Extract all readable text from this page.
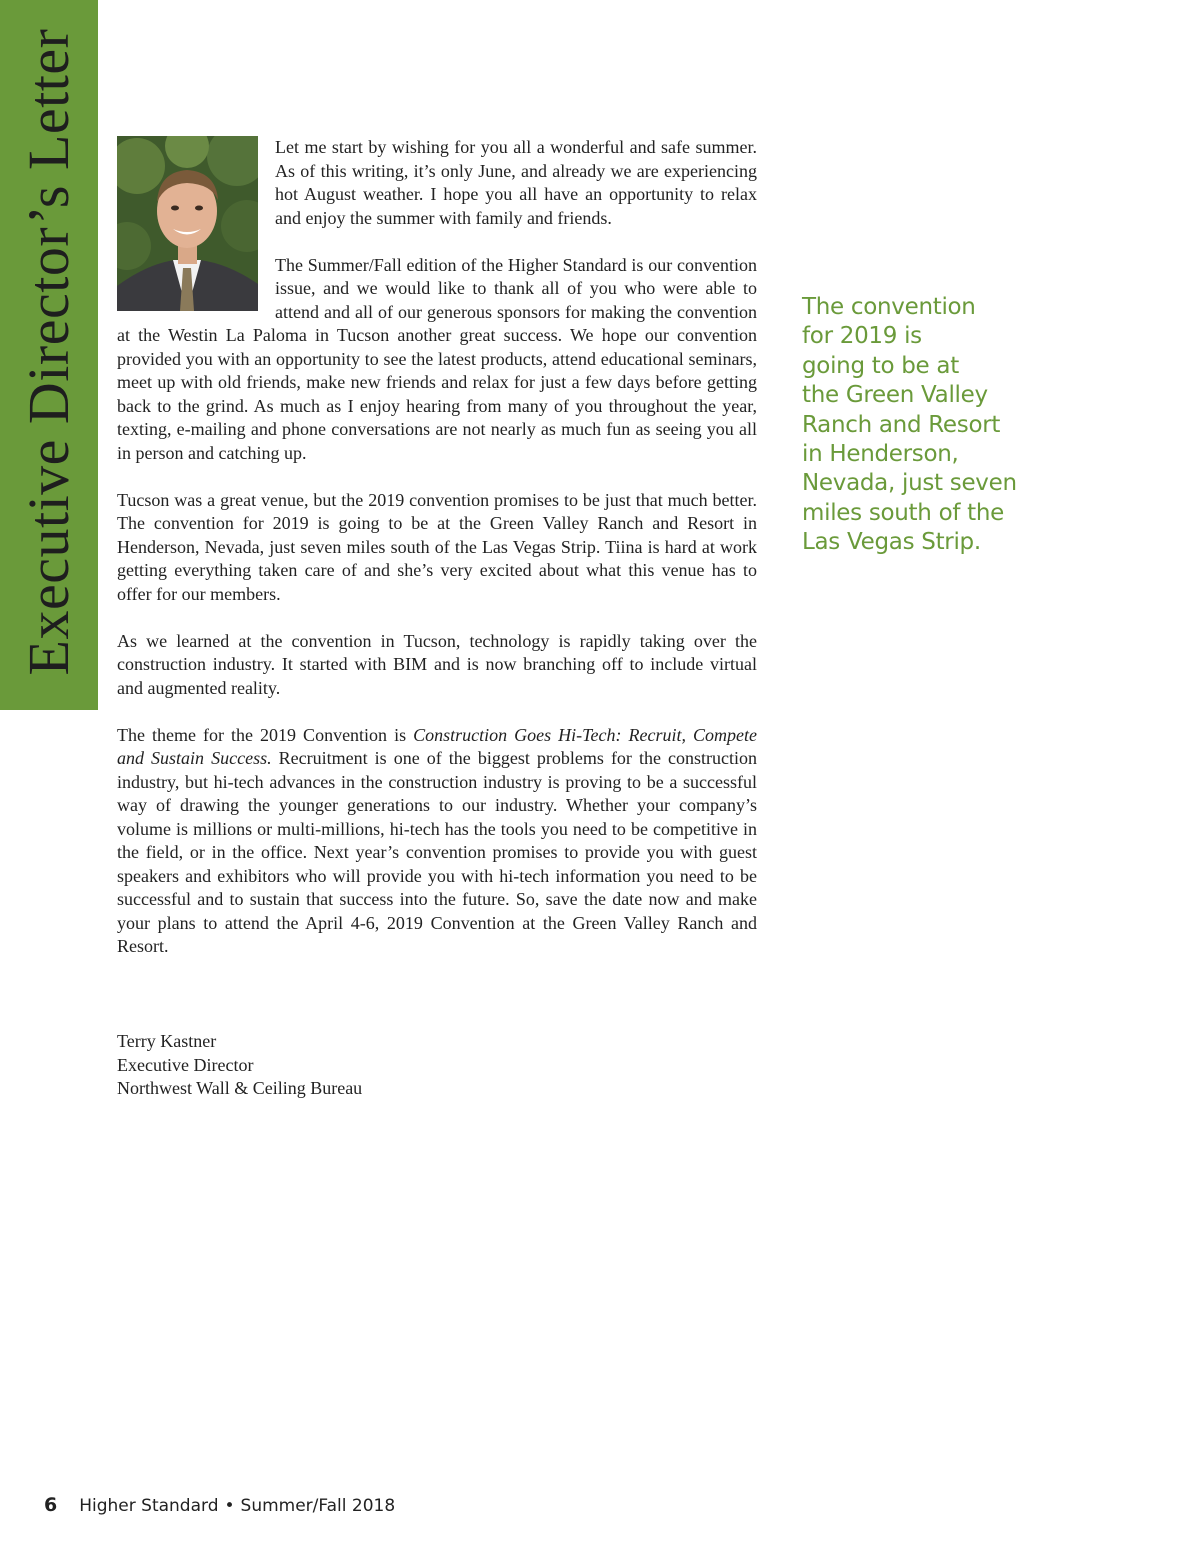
Executive Director’s Letter	Let me start by wishing for you all a wonderful and safe summer. As of this writing, it’s only June, and already we are experiencing hot August weather. I hope you all have an opportunity to relax and enjoy the summer with family and friends.

The Summer/Fall edition of the Higher Standard is our convention issue, and we would like to thank all of you who were able to attend and all of our generous sponsors for making the convention at the Westin La Paloma in Tucson another great success. We hope our convention provided you with an opportunity to see the latest products, attend educational seminars, meet up with old friends, make new friends and relax for just a few days before getting back to the grind. As much as I enjoy hearing from many of you throughout the year, texting, e-mailing and phone conversations are not nearly as much fun as seeing you all in person and catching up.

Tucson was a great venue, but the 2019 convention promises to be just that much better. The convention for 2019 is going to be at the Green Valley Ranch and Resort in Henderson, Nevada, just seven miles south of the Las Vegas Strip. Tiina is hard at work getting everything taken care of and she’s very excited about what this venue has to offer for our members.

As we learned at the convention in Tucson, technology is rapidly taking over the construction industry. It started with BIM and is now branching off to include virtual and augmented reality.

The theme for the 2019 Convention is Construction Goes Hi-Tech: Recruit, Compete and Sustain Success. Recruitment is one of the biggest problems for the construction industry, but hi-tech advances in the construction industry is proving to be a successful way of drawing the younger generations to our industry. Whether your company’s volume is millions or multi-millions, hi-tech has the tools you need to be competitive in the field, or in the office. Next year’s convention promises to provide you with guest speakers and exhibitors who will provide you with hi-tech information you need to be successful and to sustain that success into the future. So, save the date now and make your plans to attend the April 4-6, 2019 Convention at the Green Valley Ranch and Resort.

Terry Kastner
Executive Director
Northwest Wall & Ceiling Bureau
The convention
for 2019 is
going to be at
the Green Valley
Ranch and Resort
in Henderson,
Nevada, just seven
miles south of the
Las Vegas Strip.
6 Higher Standard • Summer/Fall 2018
